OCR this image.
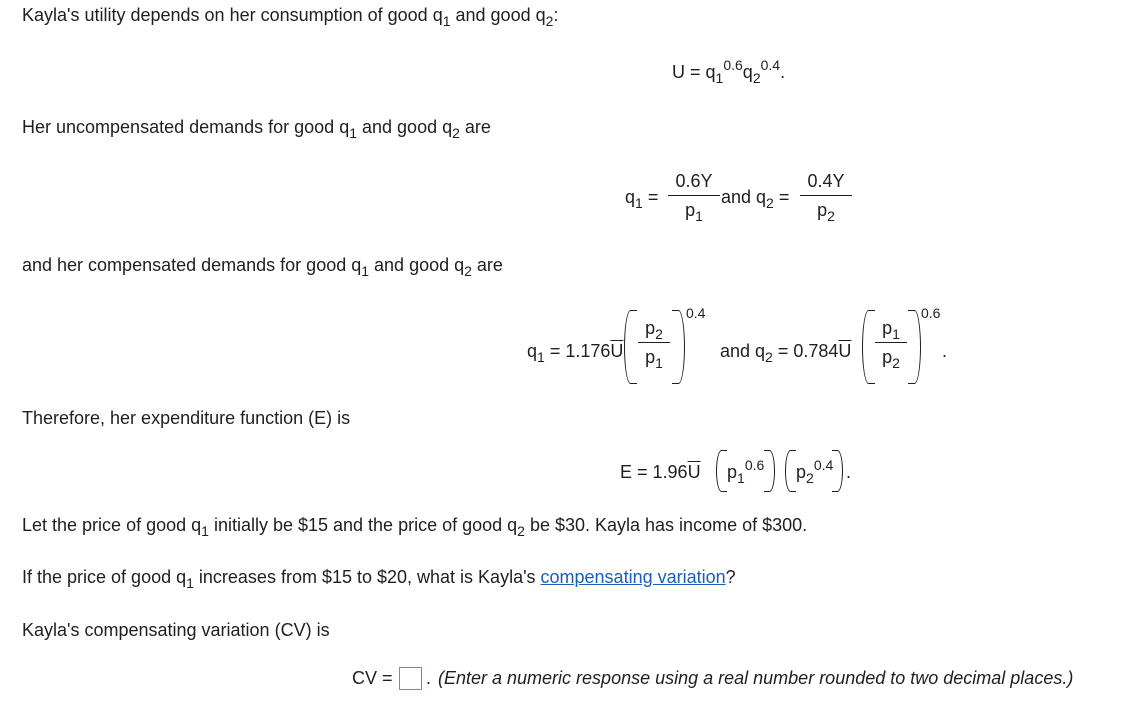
Kayla's utility depends on her consumption of good $q_1$ and good $q_2$:
$U = q_1^{0.6}q_2^{0.4}$.
Her uncompensated demands for good $q_1$ and good $q_2$ are
$q_1$ =
0.6Y
$p_1$
and $q_2$ =
0.4Y
$p_2$
and her compensated demands for good $q_1$ and good $q_2$ are
$q_1 = 1.176\overline{U}$
$p_2$
$p_1$
0.4
and $q_2 = 0.784\overline{U}$
$p_1$
$p_2$
0.6
.
Therefore, her expenditure function (E) is
$E = 1.96\overline{U}$ $p_1^{0.6}$ $p_2^{0.4}$ .
Let the price of good $q_1$ initially be $15 and the price of good $q_2$ be $30. Kayla has income of $300.
If the price of good $q_1$ increases from $15 to $20, what is Kayla's compensating variation?
Kayla's compensating variation (CV) is
CV = . (Enter a numeric response using a real number rounded to two decimal places.)
